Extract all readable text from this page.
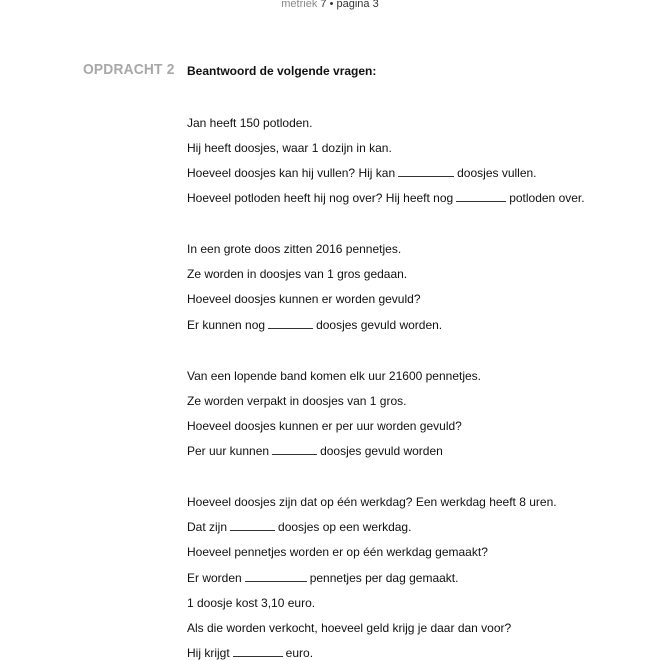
metriek 7 • pagina 3
OPDRACHT 2 Beantwoord de volgende vragen:
Jan heeft 150 potloden.
Hij heeft doosjes, waar 1 dozijn in kan.
Hoeveel doosjes kan hij vullen? Hij kan	doosjes vullen.
Hoeveel potloden heeft hij nog over? Hij heeft nog	potloden over.
In een grote doos zitten 2016 pennetjes.
Ze worden in doosjes van 1 gros gedaan.
Hoeveel doosjes kunnen er worden gevuld?
Er kunnen nog	doosjes gevuld worden.
Van een lopende band komen elk uur 21600 pennetjes.
Ze worden verpakt in doosjes van 1 gros.
Hoeveel doosjes kunnen er per uur worden gevuld?
Per uur kunnen	doosjes gevuld worden
Hoeveel doosjes zijn dat op één werkdag? Een werkdag heeft 8 uren.
Dat zijn	doosjes op een werkdag.
Hoeveel pennetjes worden er op één werkdag gemaakt?
Er worden	pennetjes per dag gemaakt.
1 doosje kost 3,10 euro.
Als die worden verkocht, hoeveel geld krijg je daar dan voor?
Hij krijgt	euro.
